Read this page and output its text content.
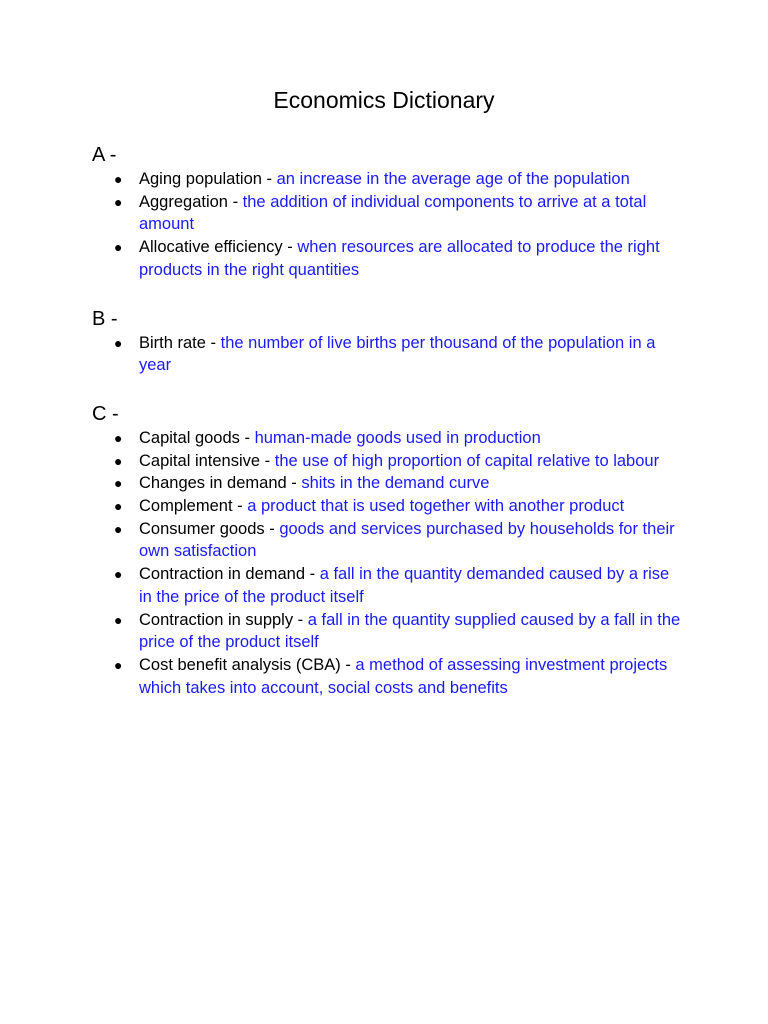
Economics Dictionary
A -
● Aging population - an increase in the average age of the population
● Aggregation - the addition of individual components to arrive at a total amount
● Allocative efficiency - when resources are allocated to produce the right products in the right quantities
B -
● Birth rate - the number of live births per thousand of the population in a year
C -
● Capital goods - human-made goods used in production
● Capital intensive - the use of high proportion of capital relative to labour
● Changes in demand - shits in the demand curve
● Complement - a product that is used together with another product
● Consumer goods - goods and services purchased by households for their own satisfaction
● Contraction in demand - a fall in the quantity demanded caused by a rise in the price of the product itself
● Contraction in supply - a fall in the quantity supplied caused by a fall in the price of the product itself
● Cost benefit analysis (CBA) - a method of assessing investment projects which takes into account, social costs and benefits
